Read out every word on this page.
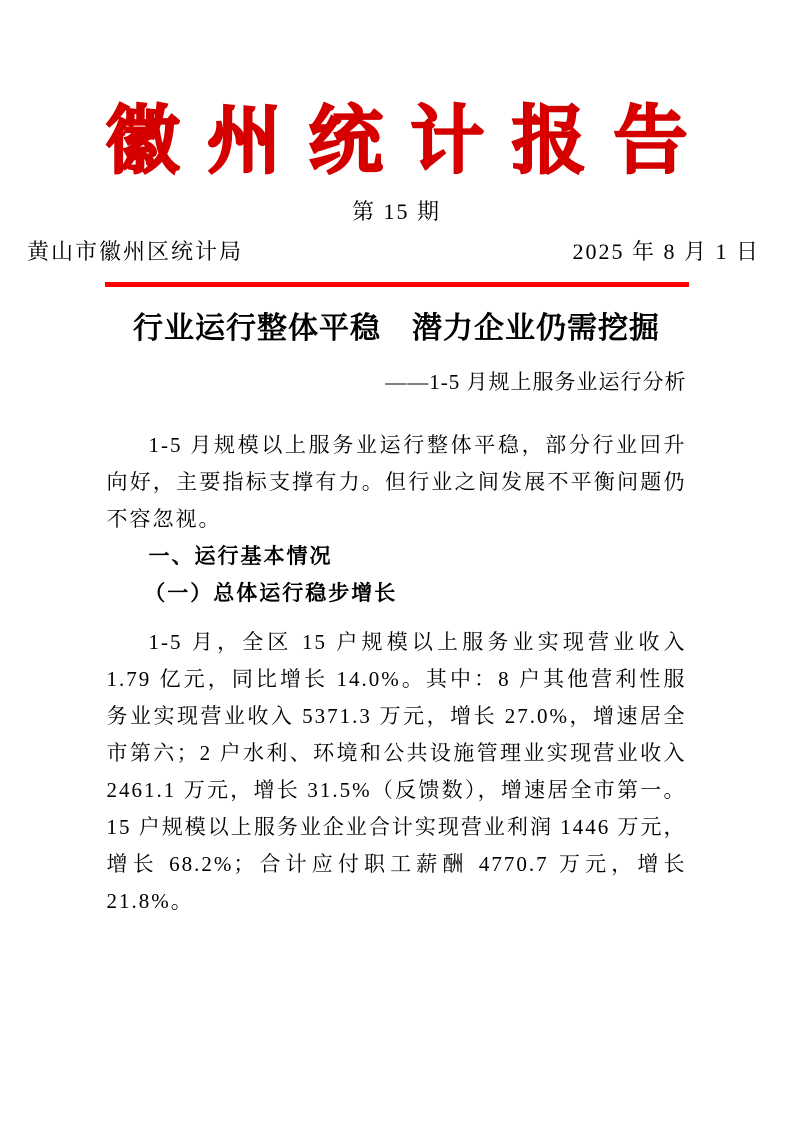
徽州统计报告
第 15 期
黄山市徽州区统计局	2025 年 8 月 1 日
行业运行整体平稳　潜力企业仍需挖掘
——1-5 月规上服务业运行分析

1-5 月规模以上服务业运行整体平稳，部分行业回升向好，主要指标支撑有力。但行业之间发展不平衡问题仍不容忽视。

一、运行基本情况
（一）总体运行稳步增长

1-5 月，全区 15 户规模以上服务业实现营业收入 1.79 亿元，同比增长 14.0%。其中：8 户其他营利性服务业实现营业收入 5371.3 万元，增长 27.0%，增速居全市第六；2 户水利、环境和公共设施管理业实现营业收入 2461.1 万元，增长 31.5%（反馈数），增速居全市第一。15 户规模以上服务业企业合计实现营业利润 1446 万元，增长 68.2%；合计应付职工薪酬 4770.7 万元，增长 21.8%。
